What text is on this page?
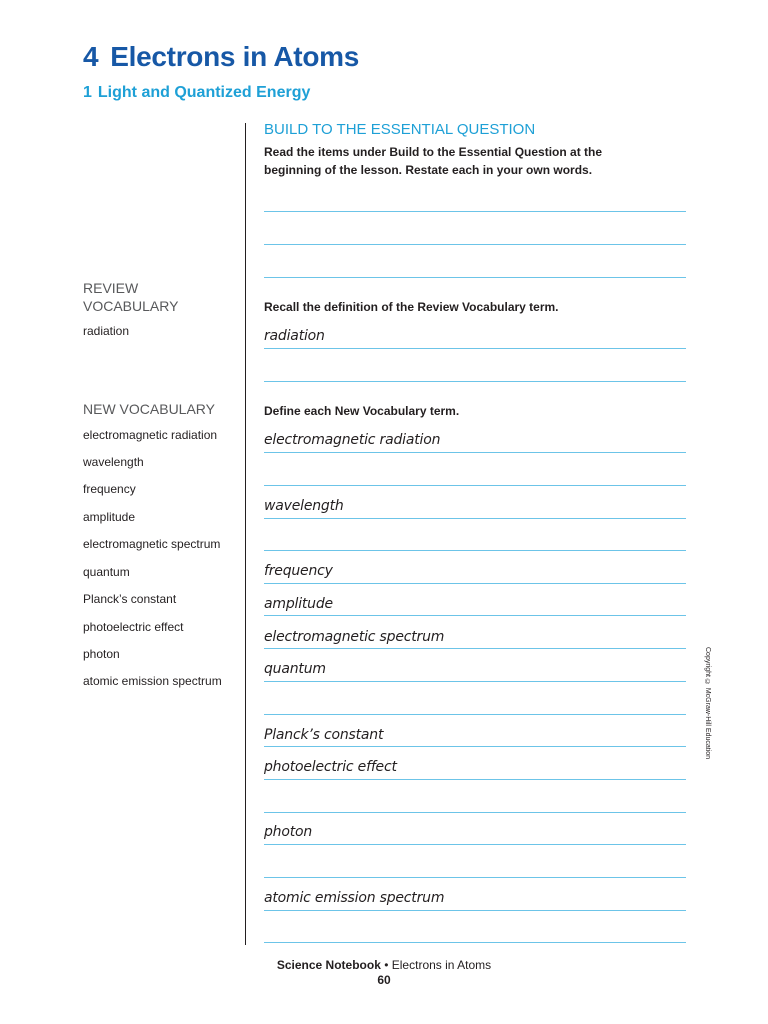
4 Electrons in Atoms
1 Light and Quantized Energy
REVIEW
VOCABULARY
radiation
NEW VOCABULARY
electromagnetic radiation
wavelength
frequency
amplitude
electromagnetic spectrum
quantum
Planck’s constant
photoelectric effect
photon
atomic emission spectrum
BUILD TO THE ESSENTIAL QUESTION
Read the items under Build to the Essential Question at the
beginning of the lesson. Restate each in your own words.
Recall the definition of the Review Vocabulary term.
radiation
Define each New Vocabulary term.
electromagnetic radiation
wavelength
frequency
amplitude
electromagnetic spectrum
quantum
Planck’s constant
photoelectric effect
photon
atomic emission spectrum
Copyright © McGraw-Hill Education
Science Notebook • Electrons in Atoms
60
